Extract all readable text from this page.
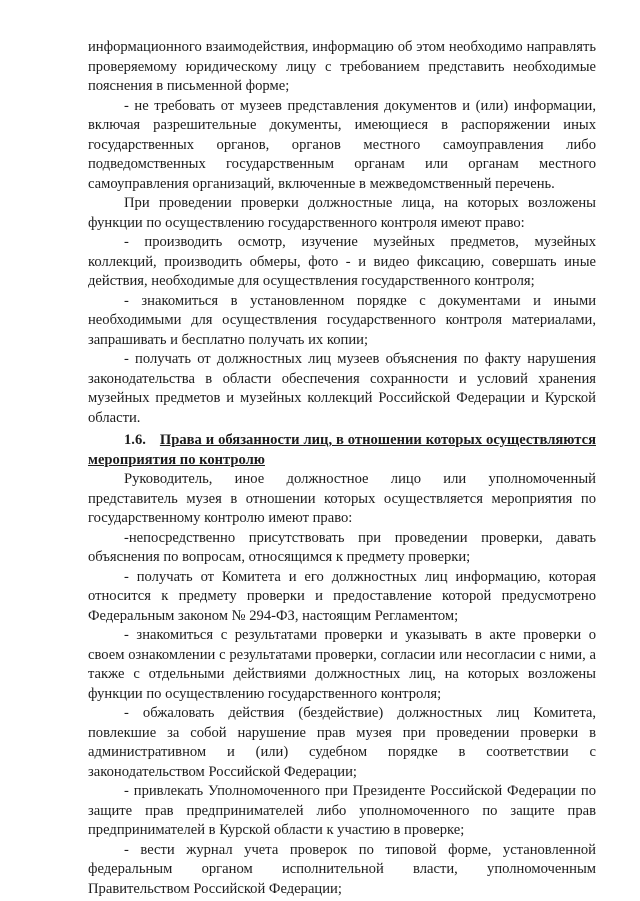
информационного взаимодействия, информацию об этом необходимо направлять проверяемому юридическому лицу с требованием представить необходимые пояснения в письменной форме;

- не требовать от музеев представления документов и (или) информации, включая разрешительные документы, имеющиеся в распоряжении иных государственных органов, органов местного самоуправления либо подведомственных государственным органам или органам местного самоуправления организаций, включенные в межведомственный перечень.

При проведении проверки должностные лица, на которых возложены функции по осуществлению государственного контроля имеют право:

- производить осмотр, изучение музейных предметов, музейных коллекций, производить обмеры, фото - и видео фиксацию, совершать иные действия, необходимые для осуществления государственного контроля;

- знакомиться в установленном порядке с документами и иными необходимыми для осуществления государственного контроля материалами, запрашивать и бесплатно получать их копии;

- получать от должностных лиц музеев объяснения по факту нарушения законодательства в области обеспечения сохранности и условий хранения музейных предметов и музейных коллекций Российской Федерации и Курской области.

1.6. Права и обязанности лиц, в отношении которых осуществляются мероприятия по контролю

Руководитель, иное должностное лицо или уполномоченный представитель музея в отношении которых осуществляется мероприятия по государственному контролю имеют право:

-непосредственно присутствовать при проведении проверки, давать объяснения по вопросам, относящимся к предмету проверки;

- получать от Комитета и его должностных лиц информацию, которая относится к предмету проверки и предоставление которой предусмотрено Федеральным законом № 294-ФЗ, настоящим Регламентом;

- знакомиться с результатами проверки и указывать в акте проверки о своем ознакомлении с результатами проверки, согласии или несогласии с ними, а также с отдельными действиями должностных лиц, на которых возложены функции по осуществлению государственного контроля;

- обжаловать действия (бездействие) должностных лиц Комитета, повлекшие за собой нарушение прав музея при проведении проверки в административном и (или) судебном порядке в соответствии с законодательством Российской Федерации;

- привлекать Уполномоченного при Президенте Российской Федерации по защите прав предпринимателей либо уполномоченного по защите прав предпринимателей в Курской области к участию в проверке;

- вести журнал учета проверок по типовой форме, установленной федеральным органом исполнительной власти, уполномоченным Правительством Российской Федерации;
